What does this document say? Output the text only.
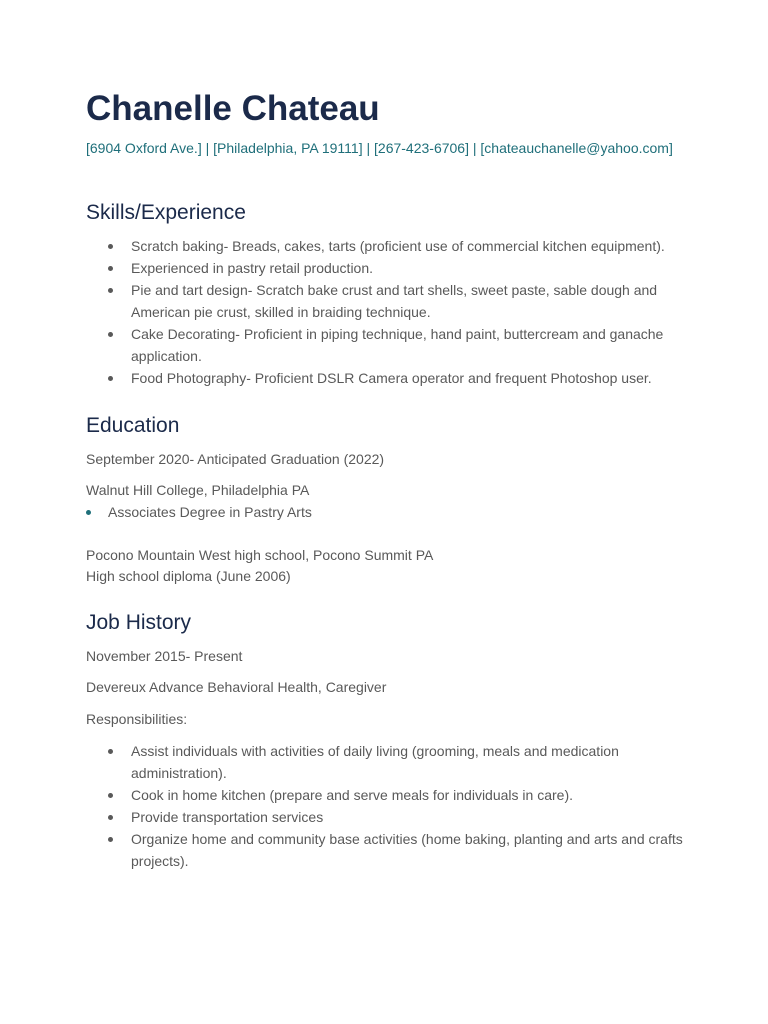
Chanelle Chateau
[6904 Oxford Ave.] | [Philadelphia, PA 19111] | [267-423-6706] | [chateauchanelle@yahoo.com]
Skills/Experience
Scratch baking- Breads, cakes, tarts (proficient use of commercial kitchen equipment).
Experienced in pastry retail production.
Pie and tart design- Scratch bake crust and tart shells, sweet paste, sable dough and American pie crust, skilled in braiding technique.
Cake Decorating- Proficient in piping technique, hand paint, buttercream and ganache application.
Food Photography- Proficient DSLR Camera operator and frequent Photoshop user.
Education
September 2020- Anticipated Graduation (2022)
Walnut Hill College, Philadelphia PA
Associates Degree in Pastry Arts
Pocono Mountain West high school, Pocono Summit PA
High school diploma (June 2006)
Job History
November 2015- Present
Devereux Advance Behavioral Health, Caregiver
Responsibilities:
Assist individuals with activities of daily living (grooming, meals and medication administration).
Cook in home kitchen (prepare and serve meals for individuals in care).
Provide transportation services
Organize home and community base activities (home baking, planting and arts and crafts projects).
